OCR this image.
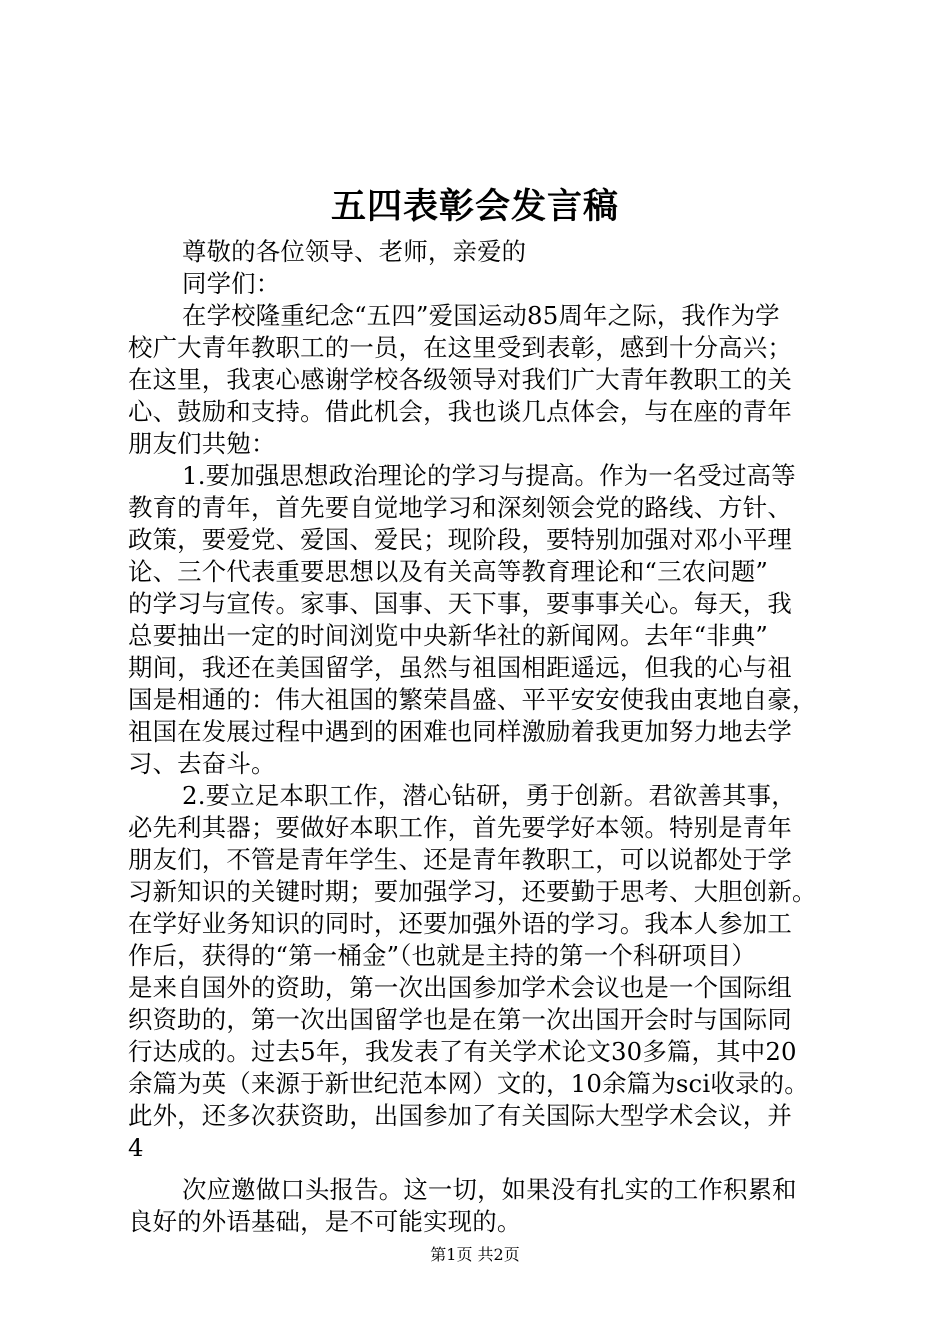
五四表彰会发言稿
尊敬的各位领导、老师，亲爱的
同学们：
在学校隆重纪念“五四”爱国运动85周年之际，我作为学
校广大青年教职工的一员，在这里受到表彰，感到十分高兴；
在这里，我衷心感谢学校各级领导对我们广大青年教职工的关
心、鼓励和支持。借此机会，我也谈几点体会，与在座的青年
朋友们共勉：
1.要加强思想政治理论的学习与提高。作为一名受过高等
教育的青年，首先要自觉地学习和深刻领会党的路线、方针、
政策，要爱党、爱国、爱民；现阶段，要特别加强对邓小平理
论、三个代表重要思想以及有关高等教育理论和“三农问题”
的学习与宣传。家事、国事、天下事，要事事关心。每天，我
总要抽出一定的时间浏览中央新华社的新闻网。去年“非典”
期间，我还在美国留学，虽然与祖国相距遥远，但我的心与祖
国是相通的：伟大祖国的繁荣昌盛、平平安安使我由衷地自豪，
祖国在发展过程中遇到的困难也同样激励着我更加努力地去学
习、去奋斗。
2.要立足本职工作，潜心钻研，勇于创新。君欲善其事，
必先利其器；要做好本职工作，首先要学好本领。特别是青年
朋友们，不管是青年学生、还是青年教职工，可以说都处于学
习新知识的关键时期；要加强学习，还要勤于思考、大胆创新。
在学好业务知识的同时，还要加强外语的学习。我本人参加工
作后，获得的“第一桶金”（也就是主持的第一个科研项目）
是来自国外的资助，第一次出国参加学术会议也是一个国际组
织资助的，第一次出国留学也是在第一次出国开会时与国际同
行达成的。过去5年，我发表了有关学术论文30多篇，其中20
余篇为英（来源于新世纪范本网）文的，10余篇为sci收录的。
此外，还多次获资助，出国参加了有关国际大型学术会议，并
4
次应邀做口头报告。这一切，如果没有扎实的工作积累和
良好的外语基础，是不可能实现的。
第1页 共2页
